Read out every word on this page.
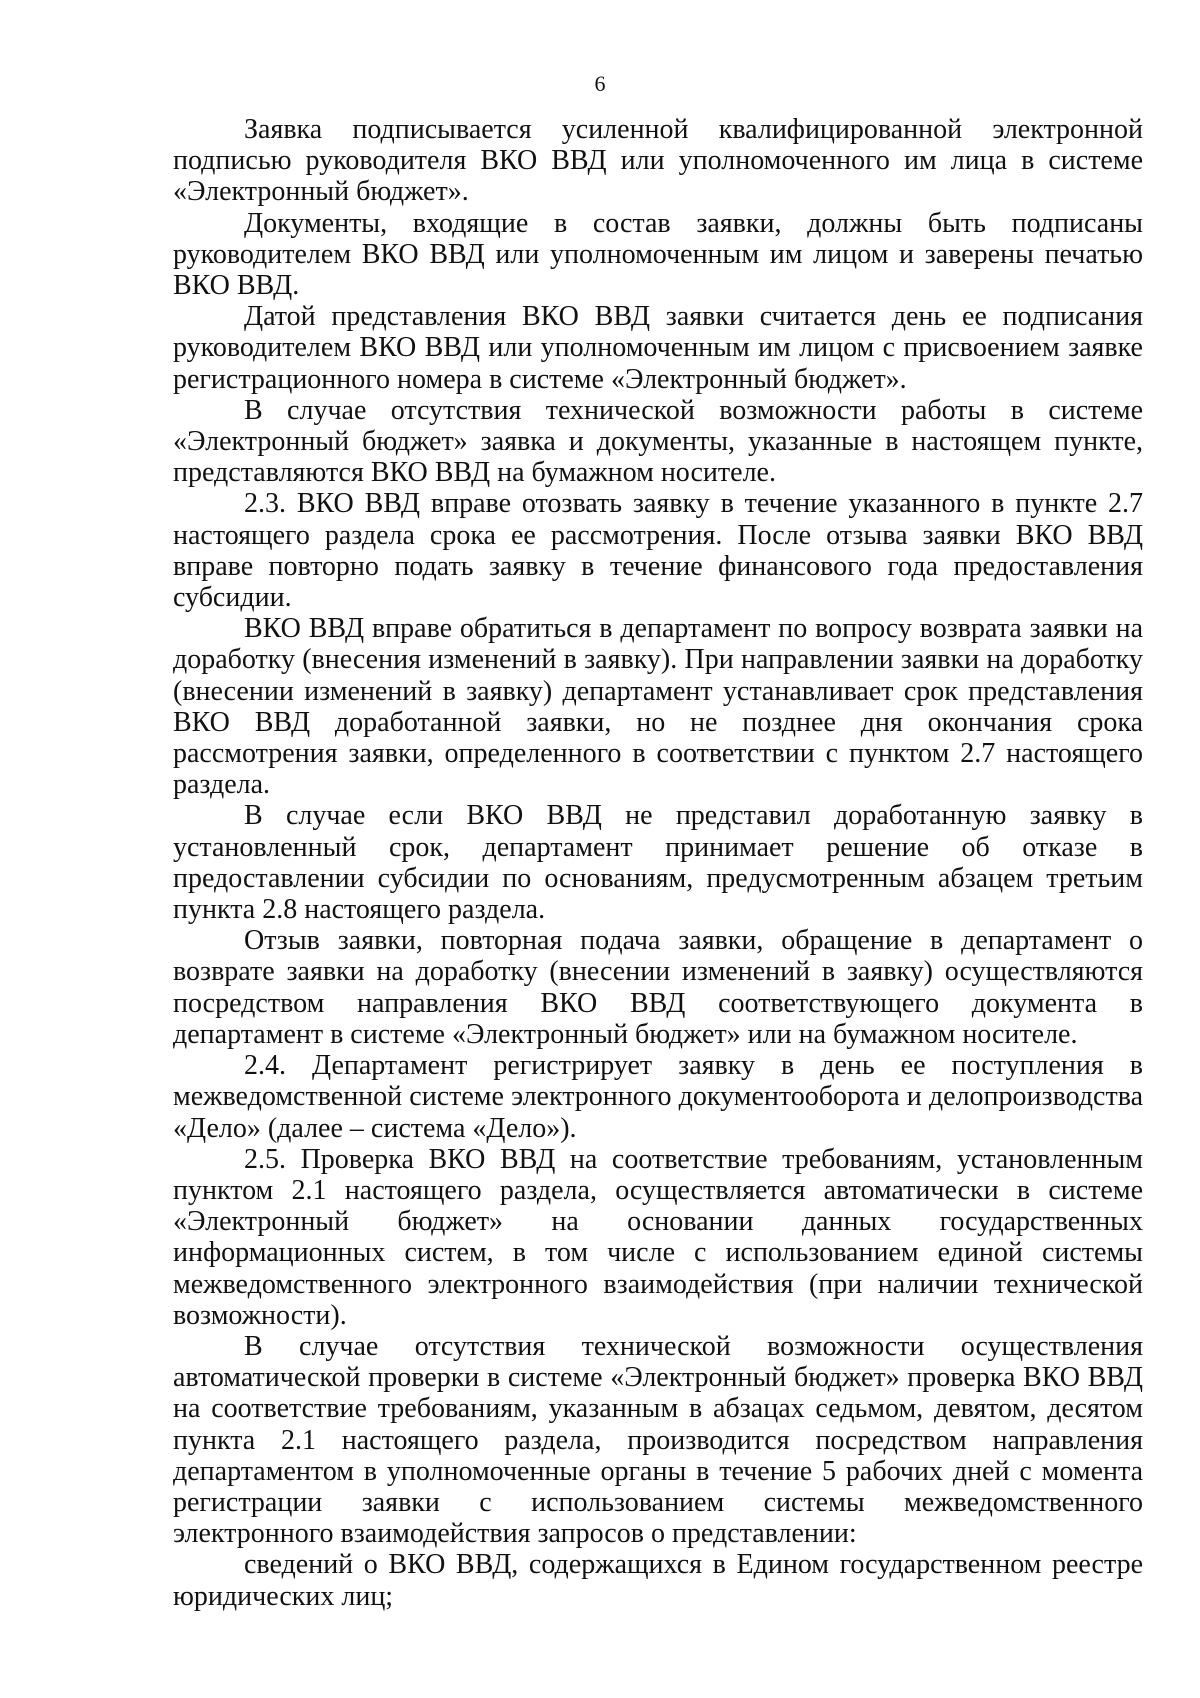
6

Заявка подписывается усиленной квалифицированной электронной подписью руководителя ВКО ВВД или уполномоченного им лица в системе «Электронный бюджет».

Документы, входящие в состав заявки, должны быть подписаны руководителем ВКО ВВД или уполномоченным им лицом и заверены печатью ВКО ВВД.

Датой представления ВКО ВВД заявки считается день ее подписания руководителем ВКО ВВД или уполномоченным им лицом с присвоением заявке регистрационного номера в системе «Электронный бюджет».

В случае отсутствия технической возможности работы в системе «Электронный бюджет» заявка и документы, указанные в настоящем пункте, представляются ВКО ВВД на бумажном носителе.

2.3. ВКО ВВД вправе отозвать заявку в течение указанного в пункте 2.7 настоящего раздела срока ее рассмотрения. После отзыва заявки ВКО ВВД вправе повторно подать заявку в течение финансового года предоставления субсидии.

ВКО ВВД вправе обратиться в департамент по вопросу возврата заявки на доработку (внесения изменений в заявку). При направлении заявки на доработку (внесении изменений в заявку) департамент устанавливает срок представления ВКО ВВД доработанной заявки, но не позднее дня окончания срока рассмотрения заявки, определенного в соответствии с пунктом 2.7 настоящего раздела.

В случае если ВКО ВВД не представил доработанную заявку в установленный срок, департамент принимает решение об отказе в предоставлении субсидии по основаниям, предусмотренным абзацем третьим пункта 2.8 настоящего раздела.

Отзыв заявки, повторная подача заявки, обращение в департамент о возврате заявки на доработку (внесении изменений в заявку) осуществляются посредством направления ВКО ВВД соответствующего документа в департамент в системе «Электронный бюджет» или на бумажном носителе.

2.4. Департамент регистрирует заявку в день ее поступления в межведомственной системе электронного документооборота и делопроизводства «Дело» (далее – система «Дело»).

2.5. Проверка ВКО ВВД на соответствие требованиям, установленным пунктом 2.1 настоящего раздела, осуществляется автоматически в системе «Электронный бюджет» на основании данных государственных информационных систем, в том числе с использованием единой системы межведомственного электронного взаимодействия (при наличии технической возможности).

В случае отсутствия технической возможности осуществления автоматической проверки в системе «Электронный бюджет» проверка ВКО ВВД на соответствие требованиям, указанным в абзацах седьмом, девятом, десятом пункта 2.1 настоящего раздела, производится посредством направления департаментом в уполномоченные органы в течение 5 рабочих дней с момента регистрации заявки с использованием системы межведомственного электронного взаимодействия запросов о представлении:

сведений о ВКО ВВД, содержащихся в Едином государственном реестре юридических лиц;
